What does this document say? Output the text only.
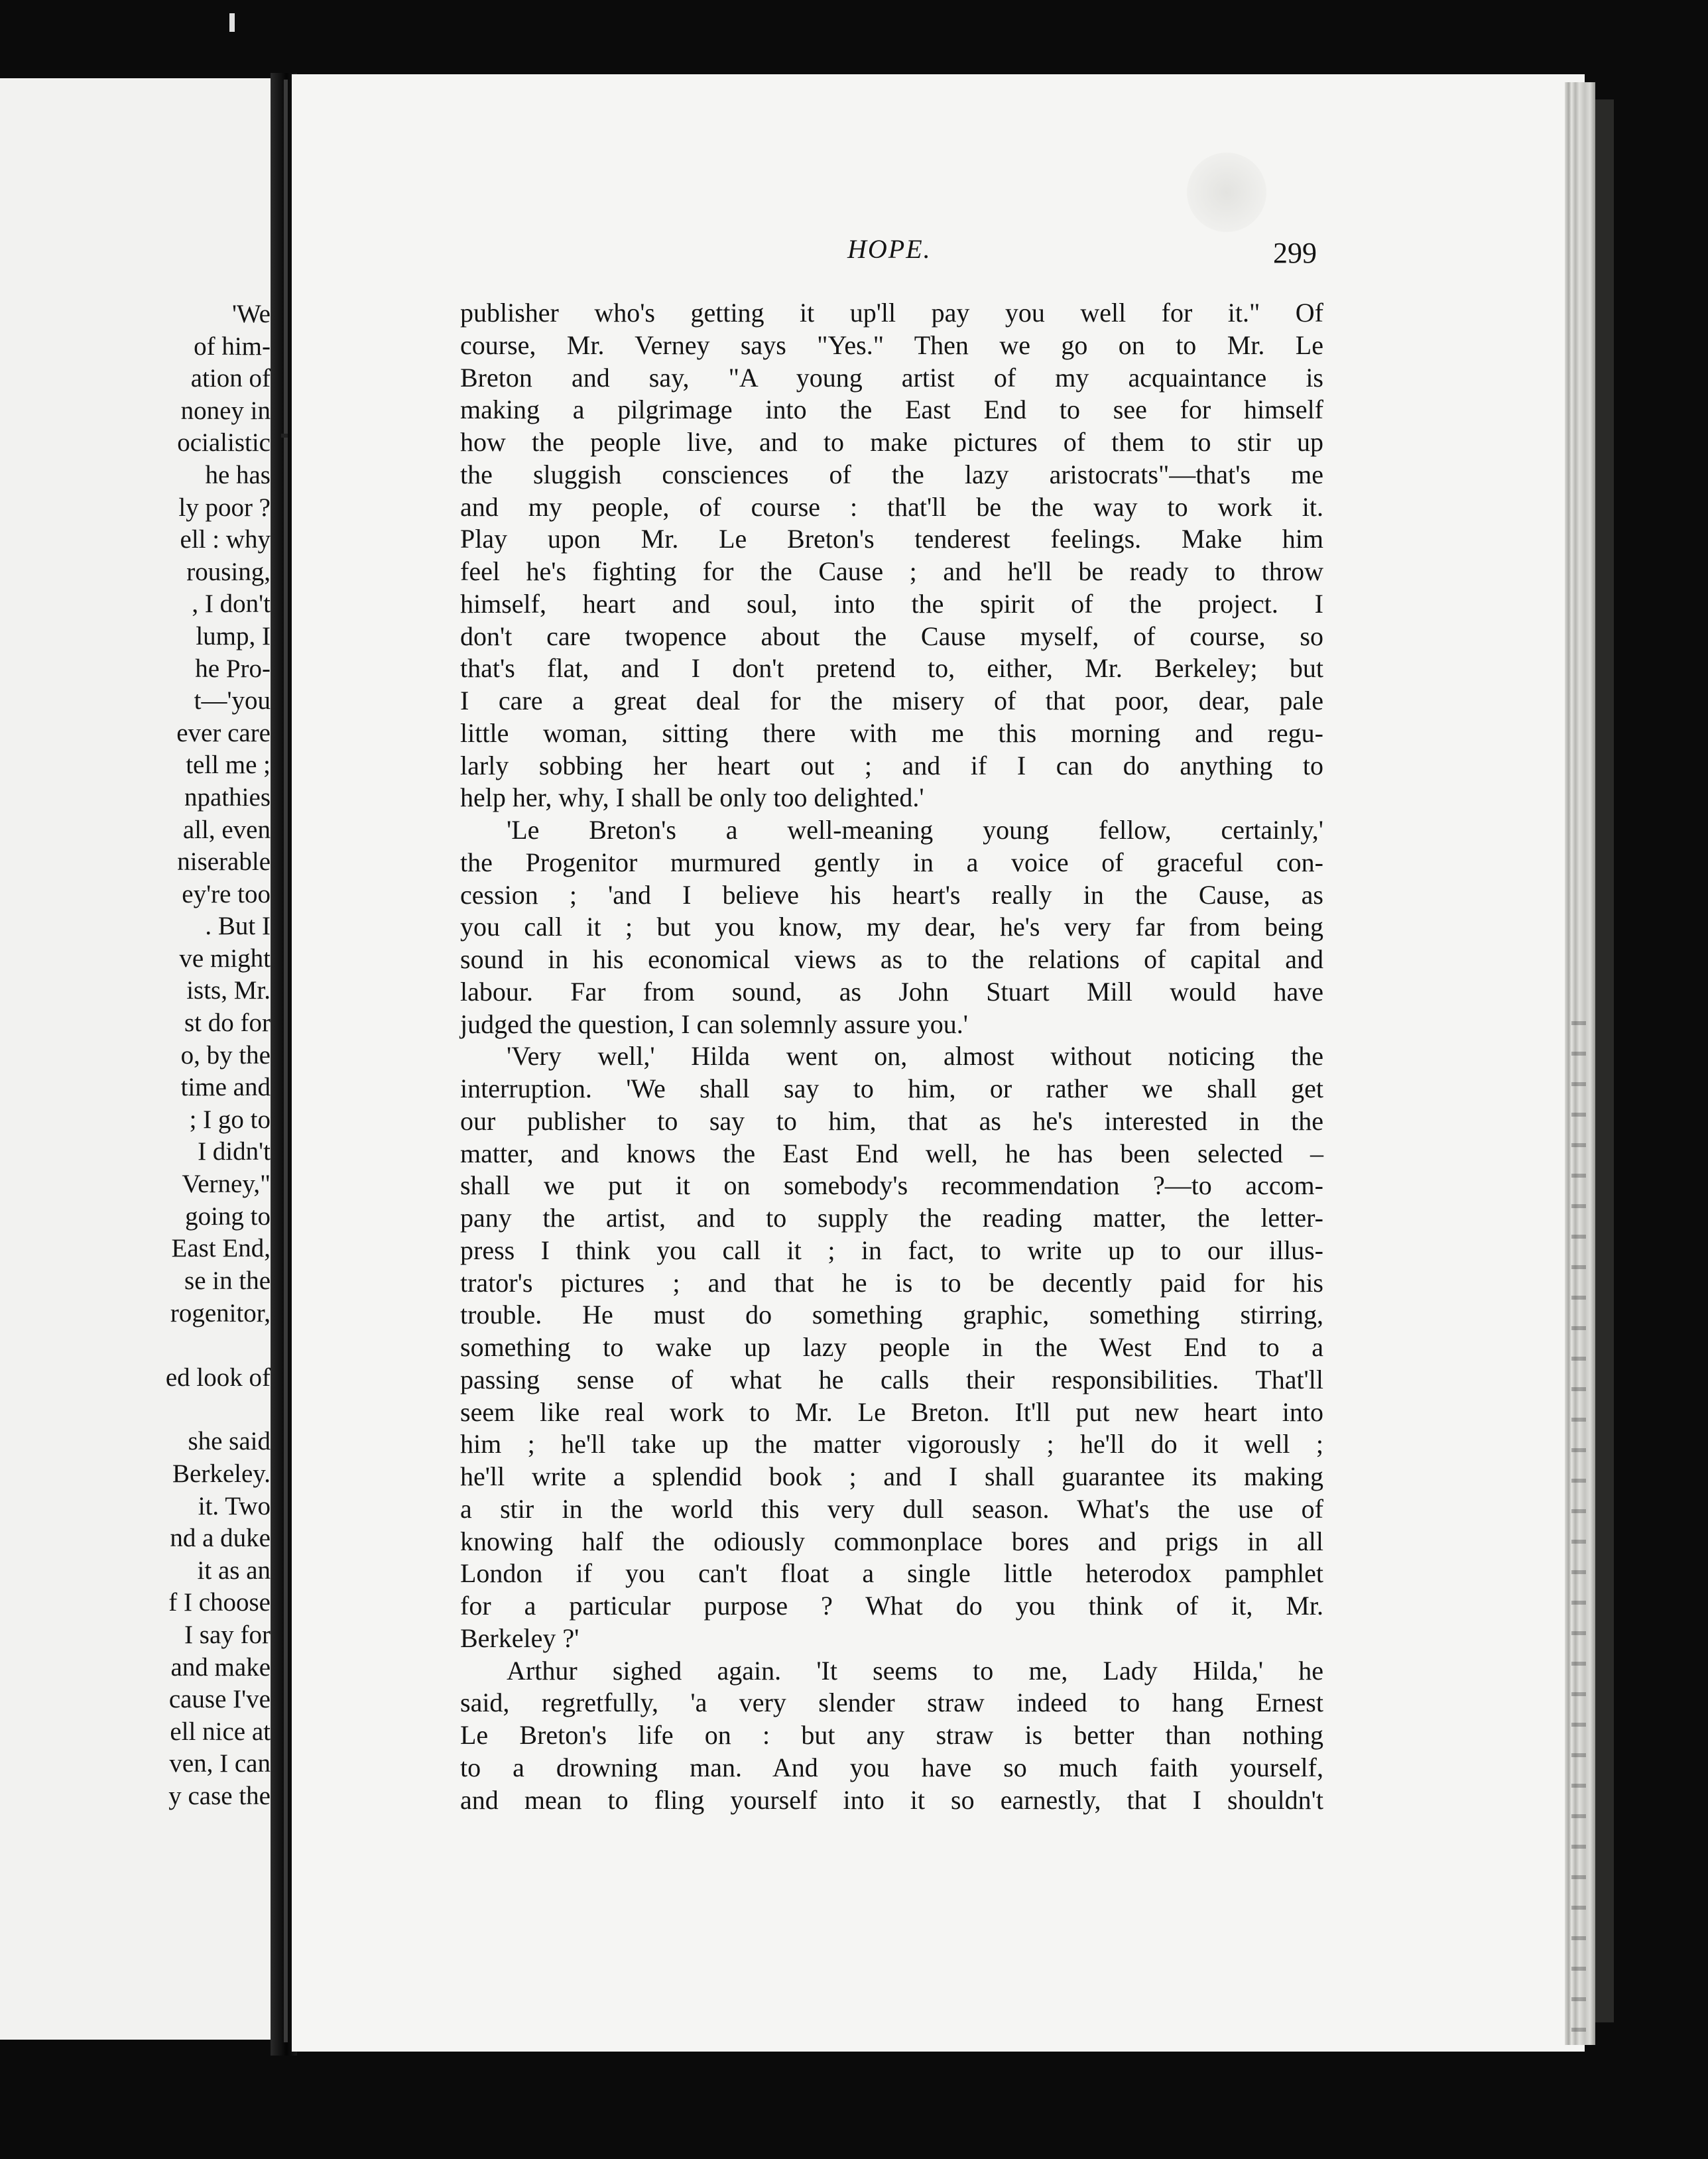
'We
of him-
ation of
noney in
ocialistic
he has
ly poor ?
ell : why
rousing,
, I don't
lump, I
he Pro-
t—'you
ever care
tell me ;
npathies
all, even
niserable
ey're too
. But I
ve might
ists, Mr.
st do for
o, by the
time and
; I go to
I didn't
Verney,"
going to
East End,
se in the
rogenitor,
ed look of
she said
Berkeley.
it. Two
nd a duke
it as an
f I choose
I say for
and make
cause I've
ell nice at
ven, I can
y case the
HOPE.	299
publisher who's getting it up'll pay you well for it." Of
course, Mr. Verney says "Yes." Then we go on to Mr. Le
Breton and say, "A young artist of my acquaintance is
making a pilgrimage into the East End to see for himself
how the people live, and to make pictures of them to stir up
the sluggish consciences of the lazy aristocrats"—that's me
and my people, of course : that'll be the way to work it.
Play upon Mr. Le Breton's tenderest feelings. Make him
feel he's fighting for the Cause ; and he'll be ready to throw
himself, heart and soul, into the spirit of the project. I
don't care twopence about the Cause myself, of course, so
that's flat, and I don't pretend to, either, Mr. Berkeley; but
I care a great deal for the misery of that poor, dear, pale
little woman, sitting there with me this morning and regu-
larly sobbing her heart out ; and if I can do anything to
help her, why, I shall be only too delighted.'
'Le Breton's a well-meaning young fellow, certainly,'
the Progenitor murmured gently in a voice of graceful con-
cession ; 'and I believe his heart's really in the Cause, as
you call it ; but you know, my dear, he's very far from being
sound in his economical views as to the relations of capital and
labour. Far from sound, as John Stuart Mill would have
judged the question, I can solemnly assure you.'
'Very well,' Hilda went on, almost without noticing the
interruption. 'We shall say to him, or rather we shall get
our publisher to say to him, that as he's interested in the
matter, and knows the East End well, he has been selected –
shall we put it on somebody's recommendation ?—to accom-
pany the artist, and to supply the reading matter, the letter-
press I think you call it ; in fact, to write up to our illus-
trator's pictures ; and that he is to be decently paid for his
trouble. He must do something graphic, something stirring,
something to wake up lazy people in the West End to a
passing sense of what he calls their responsibilities. That'll
seem like real work to Mr. Le Breton. It'll put new heart into
him ; he'll take up the matter vigorously ; he'll do it well ;
he'll write a splendid book ; and I shall guarantee its making
a stir in the world this very dull season. What's the use of
knowing half the odiously commonplace bores and prigs in all
London if you can't float a single little heterodox pamphlet
for a particular purpose ? What do you think of it, Mr.
Berkeley ?'
Arthur sighed again. 'It seems to me, Lady Hilda,' he
said, regretfully, 'a very slender straw indeed to hang Ernest
Le Breton's life on : but any straw is better than nothing
to a drowning man. And you have so much faith yourself,
and mean to fling yourself into it so earnestly, that I shouldn't
